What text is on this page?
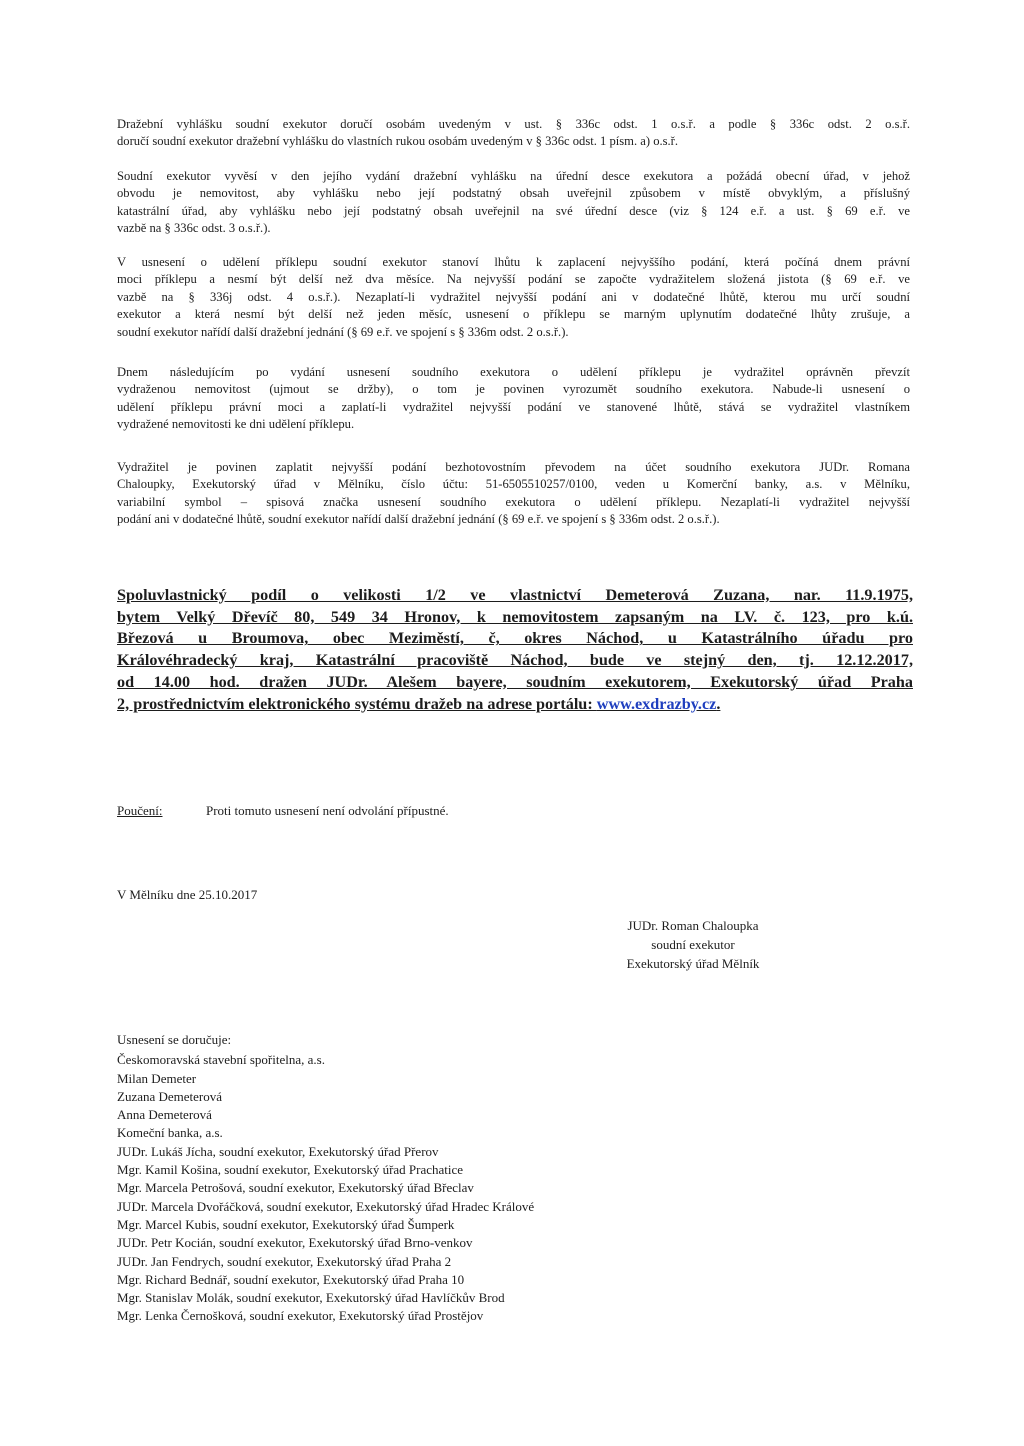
Dražební vyhlášku soudní exekutor doručí osobám uvedeným v ust. § 336c odst. 1 o.s.ř. a podle § 336c odst. 2 o.s.ř.
doručí soudní exekutor dražební vyhlášku do vlastních rukou osobám uvedeným v § 336c odst. 1 písm. a) o.s.ř.
Soudní exekutor vyvěsí v den jejího vydání dražební vyhlášku na úřední desce exekutora a požádá obecní úřad, v jehož
obvodu je nemovitost, aby vyhlášku nebo její podstatný obsah uveřejnil způsobem v místě obvyklým, a příslušný
katastrální úřad, aby vyhlášku nebo její podstatný obsah uveřejnil na své úřední desce (viz § 124 e.ř. a ust. § 69 e.ř. ve
vazbě na § 336c odst. 3 o.s.ř.).
V usnesení o udělení příklepu soudní exekutor stanoví lhůtu k zaplacení nejvyššího podání, která počíná dnem právní
moci příklepu a nesmí být delší než dva měsíce. Na nejvyšší podání se započte vydražitelem složená jistota (§ 69 e.ř. ve
vazbě na § 336j odst. 4 o.s.ř.). Nezaplatí-li vydražitel nejvyšší podání ani v dodatečné lhůtě, kterou mu určí soudní
exekutor a která nesmí být delší než jeden měsíc, usnesení o příklepu se marným uplynutím dodatečné lhůty zrušuje, a
soudní exekutor nařídí další dražební jednání (§ 69 e.ř. ve spojení s § 336m odst. 2 o.s.ř.).
Dnem následujícím po vydání usnesení soudního exekutora o udělení příklepu je vydražitel oprávněn převzít
vydraženou nemovitost (ujmout se držby), o tom je povinen vyrozumět soudního exekutora. Nabude-li usnesení o
udělení příklepu právní moci a zaplatí-li vydražitel nejvyšší podání ve stanovené lhůtě, stává se vydražitel vlastníkem
vydražené nemovitosti ke dni udělení příklepu.
Vydražitel je povinen zaplatit nejvyšší podání bezhotovostním převodem na účet soudního exekutora JUDr. Romana
Chaloupky, Exekutorský úřad v Mělníku, číslo účtu: 51-6505510257/0100, veden u Komerční banky, a.s. v Mělníku,
variabilní symbol – spisová značka usnesení soudního exekutora o udělení příklepu. Nezaplatí-li vydražitel nejvyšší
podání ani v dodatečné lhůtě, soudní exekutor nařídí další dražební jednání (§ 69 e.ř. ve spojení s § 336m odst. 2 o.s.ř.).
Spoluvlastnický podíl o velikosti 1/2 ve vlastnictví Demeterová Zuzana, nar. 11.9.1975,
bytem Velký Dřevíč 80, 549 34 Hronov, k nemovitostem zapsaným na LV. č. 123, pro k.ú.
Březová u Broumova, obec Meziměstí, č, okres Náchod, u Katastrálního úřadu pro
Královéhradecký kraj, Katastrální pracoviště Náchod, bude ve stejný den, tj. 12.12.2017,
od 14.00 hod. dražen JUDr. Alešem bayere, soudním exekutorem, Exekutorský úřad Praha
2, prostřednictvím elektronického systému dražeb na adrese portálu: www.exdrazby.cz.
Poučení:	Proti tomuto usnesení není odvolání přípustné.
V Mělníku dne 25.10.2017
JUDr. Roman Chaloupka
soudní exekutor
Exekutorský úřad Mělník
Usnesení se doručuje:
Českomoravská stavební spořitelna, a.s.
Milan Demeter
Zuzana Demeterová
Anna Demeterová
Komeční banka, a.s.
JUDr. Lukáš Jícha, soudní exekutor, Exekutorský úřad Přerov
Mgr. Kamil Košina, soudní exekutor, Exekutorský úřad Prachatice
Mgr. Marcela Petrošová, soudní exekutor, Exekutorský úřad Břeclav
JUDr. Marcela Dvořáčková, soudní exekutor, Exekutorský úřad Hradec Králové
Mgr. Marcel Kubis, soudní exekutor, Exekutorský úřad Šumperk
JUDr. Petr Kocián, soudní exekutor, Exekutorský úřad Brno-venkov
JUDr. Jan Fendrych, soudní exekutor, Exekutorský úřad Praha 2
Mgr. Richard Bednář, soudní exekutor, Exekutorský úřad Praha 10
Mgr. Stanislav Molák, soudní exekutor, Exekutorský úřad Havlíčkův Brod
Mgr. Lenka Černošková, soudní exekutor, Exekutorský úřad Prostějov
